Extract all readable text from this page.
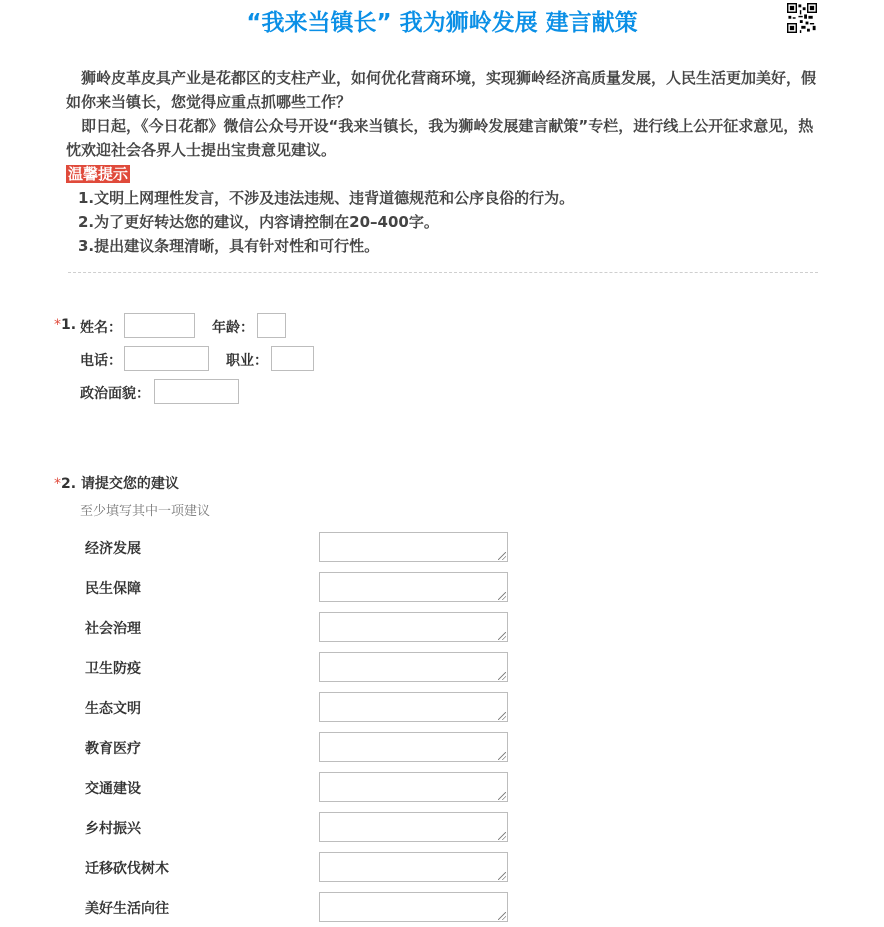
“我来当镇长” 我为狮岭发展 建言献策

狮岭皮革皮具产业是花都区的支柱产业，如何优化营商环境，实现狮岭经济高质量发展，人民生活更加美好，假如你来当镇长，您觉得应重点抓哪些工作？

即日起，《今日花都》微信公众号开设“我来当镇长，我为狮岭发展建言献策”专栏，进行线上公开征求意见，热忱欢迎社会各界人士提出宝贵意见建议。

温馨提示
1.文明上网理性发言，不涉及违法违规、违背道德规范和公序良俗的行为。
2.为了更好转达您的建议，内容请控制在20–400字。
3.提出建议条理清晰，具有针对性和可行性。
*1. 姓名：	年龄：
电话：	职业：
政治面貌：
*2. 请提交您的建议
至少填写其中一项建议
经济发展
民生保障
社会治理
卫生防疫
生态文明
教育医疗
交通建设
乡村振兴
迁移砍伐树木
美好生活向往
